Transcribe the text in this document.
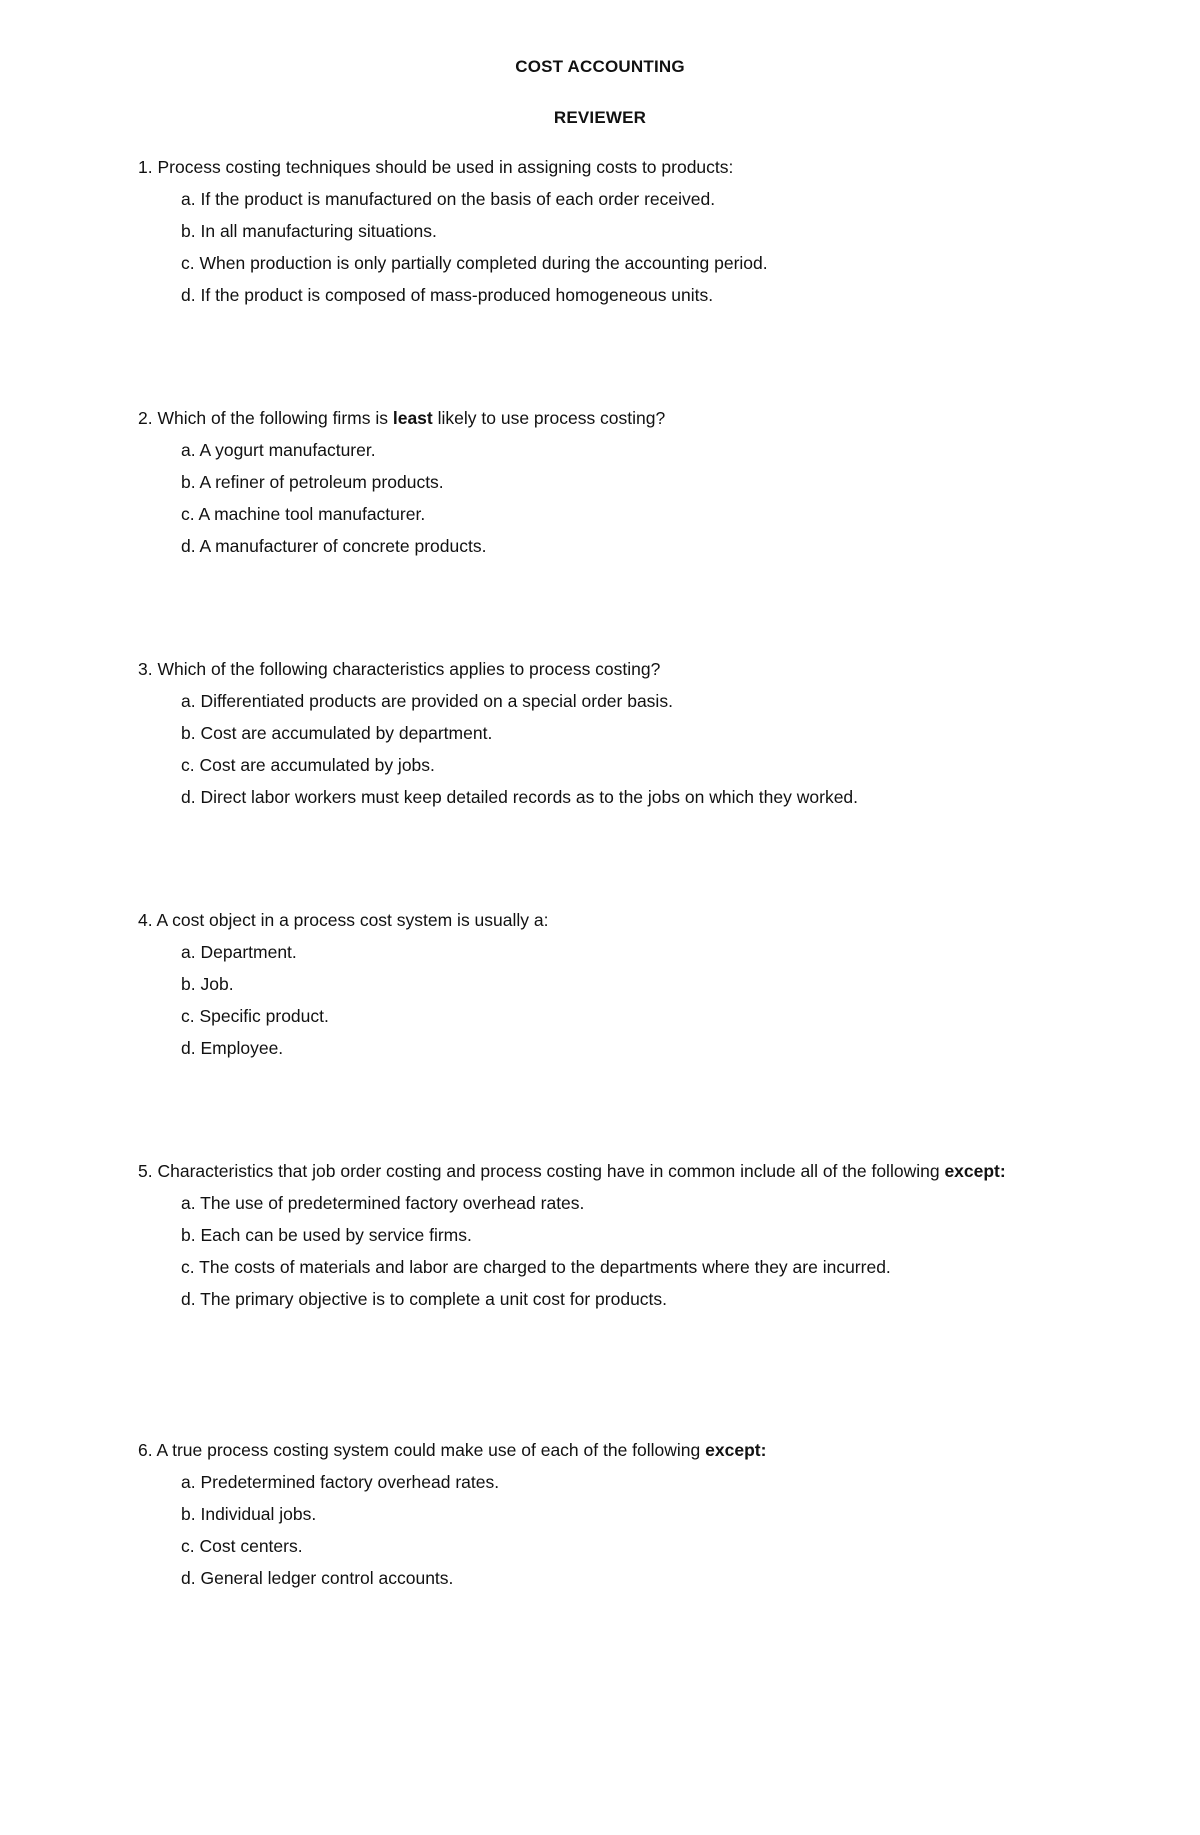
COST ACCOUNTING
REVIEWER

1. Process costing techniques should be used in assigning costs to products:

a. If the product is manufactured on the basis of each order received.
b. In all manufacturing situations.
c. When production is only partially completed during the accounting period.
d. If the product is composed of mass-produced homogeneous units.

2. Which of the following firms is least likely to use process costing?

a. A yogurt manufacturer.
b. A refiner of petroleum products.
c. A machine tool manufacturer.
d. A manufacturer of concrete products.

3. Which of the following characteristics applies to process costing?

a. Differentiated products are provided on a special order basis.
b. Cost are accumulated by department.
c. Cost are accumulated by jobs.
d. Direct labor workers must keep detailed records as to the jobs on which they worked.

4. A cost object in a process cost system is usually a:

a. Department.
b. Job.
c. Specific product.
d. Employee.

5. Characteristics that job order costing and process costing have in common include all of the following except:

a. The use of predetermined factory overhead rates.
b. Each can be used by service firms.
c. The costs of materials and labor are charged to the departments where they are incurred.
d. The primary objective is to complete a unit cost for products.

6. A true process costing system could make use of each of the following except:

a. Predetermined factory overhead rates.
b. Individual jobs.
c. Cost centers.
d. General ledger control accounts.
